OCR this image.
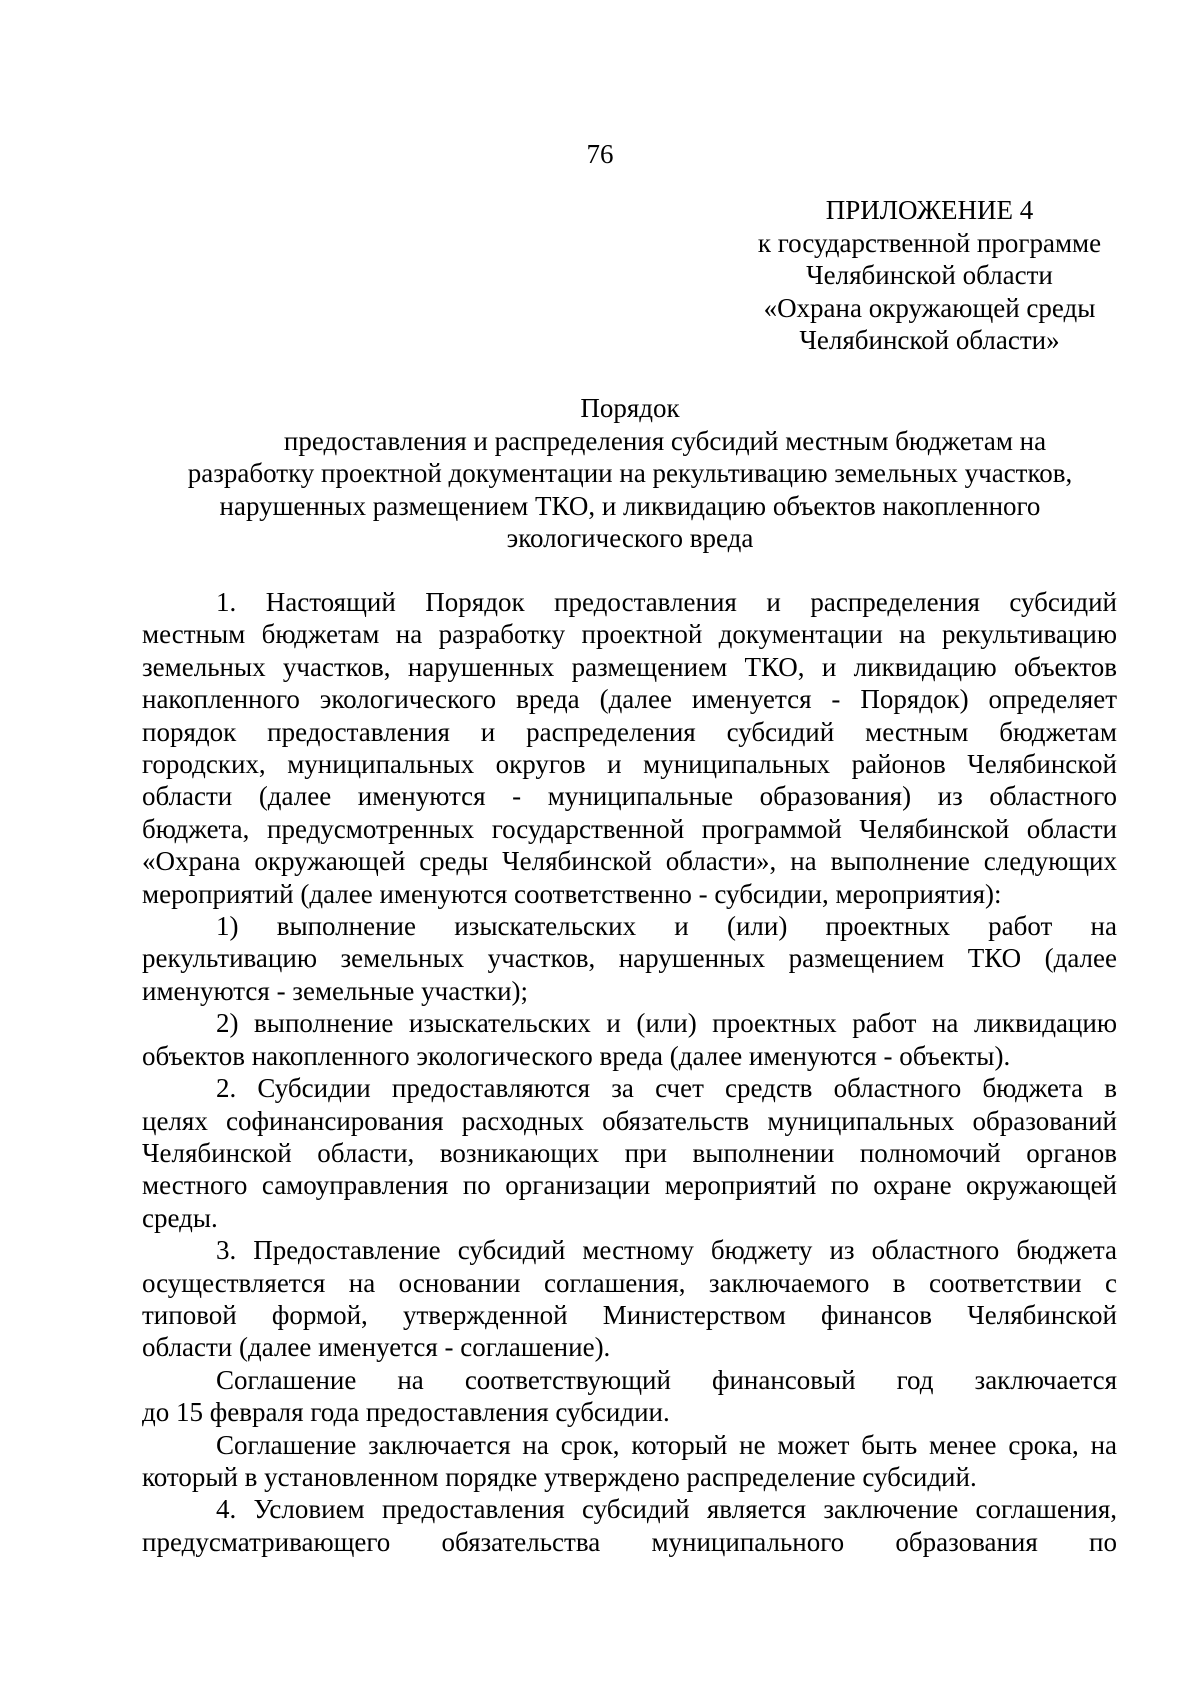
76
ПРИЛОЖЕНИЕ 4
к государственной программе
Челябинской области
«Охрана окружающей среды
Челябинской области»
Порядок
предоставления и распределения субсидий местным бюджетам на
разработку проектной документации на рекультивацию земельных участков,
нарушенных размещением ТКО, и ликвидацию объектов накопленного
экологического вреда
1. Настоящий Порядок предоставления и распределения субсидий
местным бюджетам на разработку проектной документации на рекультивацию
земельных участков, нарушенных размещением ТКО, и ликвидацию объектов
накопленного экологического вреда (далее именуется - Порядок) определяет
порядок предоставления и распределения субсидий местным бюджетам
городских, муниципальных округов и муниципальных районов Челябинской
области (далее именуются - муниципальные образования) из областного
бюджета, предусмотренных государственной программой Челябинской области
«Охрана окружающей среды Челябинской области», на выполнение следующих
мероприятий (далее именуются соответственно - субсидии, мероприятия):
1) выполнение изыскательских и (или) проектных работ на
рекультивацию земельных участков, нарушенных размещением ТКО (далее
именуются - земельные участки);
2) выполнение изыскательских и (или) проектных работ на ликвидацию
объектов накопленного экологического вреда (далее именуются - объекты).
2. Субсидии предоставляются за счет средств областного бюджета в
целях софинансирования расходных обязательств муниципальных образований
Челябинской области, возникающих при выполнении полномочий органов
местного самоуправления по организации мероприятий по охране окружающей
среды.
3. Предоставление субсидий местному бюджету из областного бюджета
осуществляется на основании соглашения, заключаемого в соответствии с
типовой формой, утвержденной Министерством финансов Челябинской
области (далее именуется - соглашение).
Соглашение на соответствующий финансовый год заключается
до 15 февраля года предоставления субсидии.
Соглашение заключается на срок, который не может быть менее срока, на
который в установленном порядке утверждено распределение субсидий.
4. Условием предоставления субсидий является заключение соглашения,
предусматривающего обязательства муниципального образования по
